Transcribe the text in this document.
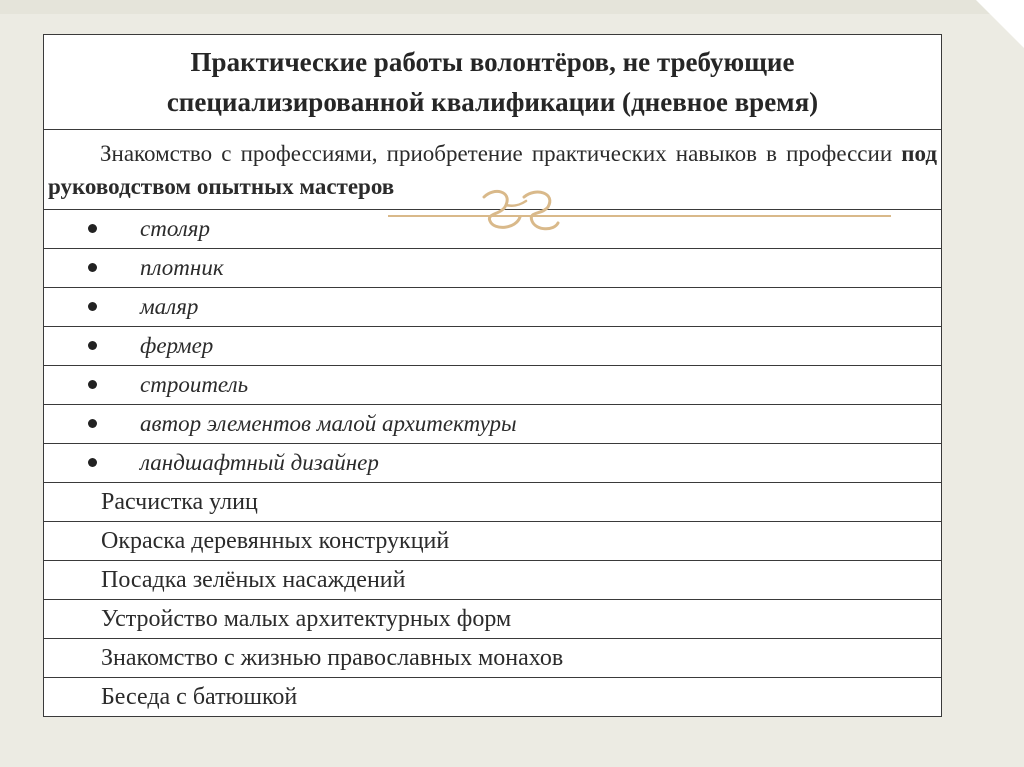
Практические работы волонтёров, не требующие
специализированной квалификации (дневное время)
Знакомство с профессиями, приобретение практических навыков в профессии под руководством опытных мастеров
столяр
плотник
маляр
фермер
строитель
автор элементов малой архитектуры
ландшафтный дизайнер
Расчистка улиц
Окраска деревянных конструкций
Посадка зелёных насаждений
Устройство малых архитектурных форм
Знакомство с жизнью православных монахов
Беседа с батюшкой
